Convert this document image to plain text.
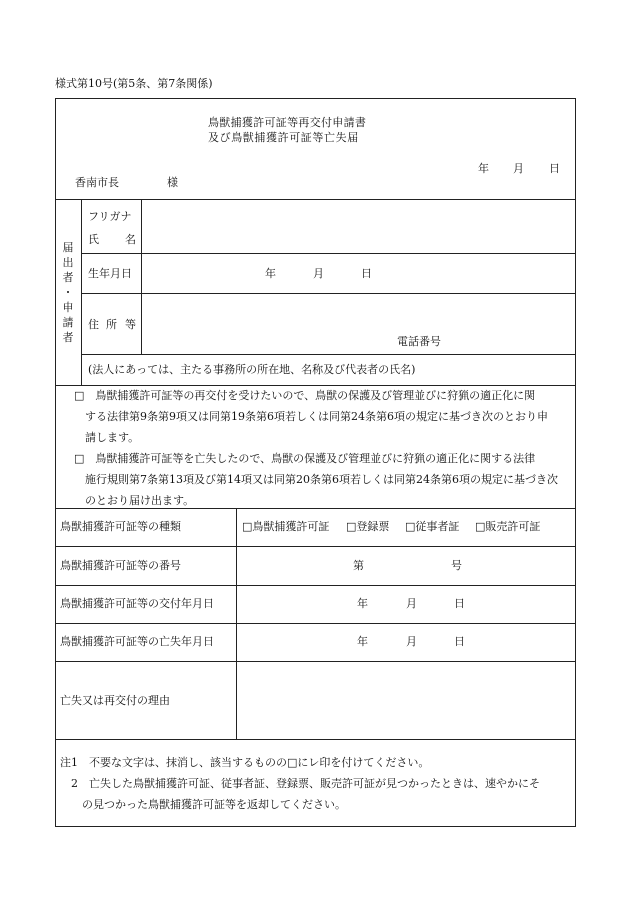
様式第10号(第5条、第7条関係)
鳥獣捕獲許可証等再交付申請書
及び鳥獣捕獲許可証等亡失届
年 月 日
香南市長	様
届
出
者
・
申
請
者
フリガナ
氏 名
生年月日	年	月	日
住 所 等
電話番号
(法人にあっては、主たる事務所の所在地、名称及び代表者の氏名)
□　鳥獣捕獲許可証等の再交付を受けたいので、鳥獣の保護及び管理並びに狩猟の適正化に関
　する法律第9条第9項又は同第19条第6項若しくは同第24条第6項の規定に基づき次のとおり申
　請します。
□　鳥獣捕獲許可証等を亡失したので、鳥獣の保護及び管理並びに狩猟の適正化に関する法律
　施行規則第7条第13項及び第14項又は同第20条第6項若しくは同第24条第6項の規定に基づき次
　のとおり届け出ます。
鳥獣捕獲許可証等の種類	□鳥獣捕獲許可証 □登録票 □従事者証 □販売許可証
鳥獣捕獲許可証等の番号	第	号
鳥獣捕獲許可証等の交付年月日	年	月	日
鳥獣捕獲許可証等の亡失年月日	年	月	日
亡失又は再交付の理由
注1　不要な文字は、抹消し、該当するものの□にレ印を付けてください。
　2　亡失した鳥獣捕獲許可証、従事者証、登録票、販売許可証が見つかったときは、速やかにそ
　　の見つかった鳥獣捕獲許可証等を返却してください。
